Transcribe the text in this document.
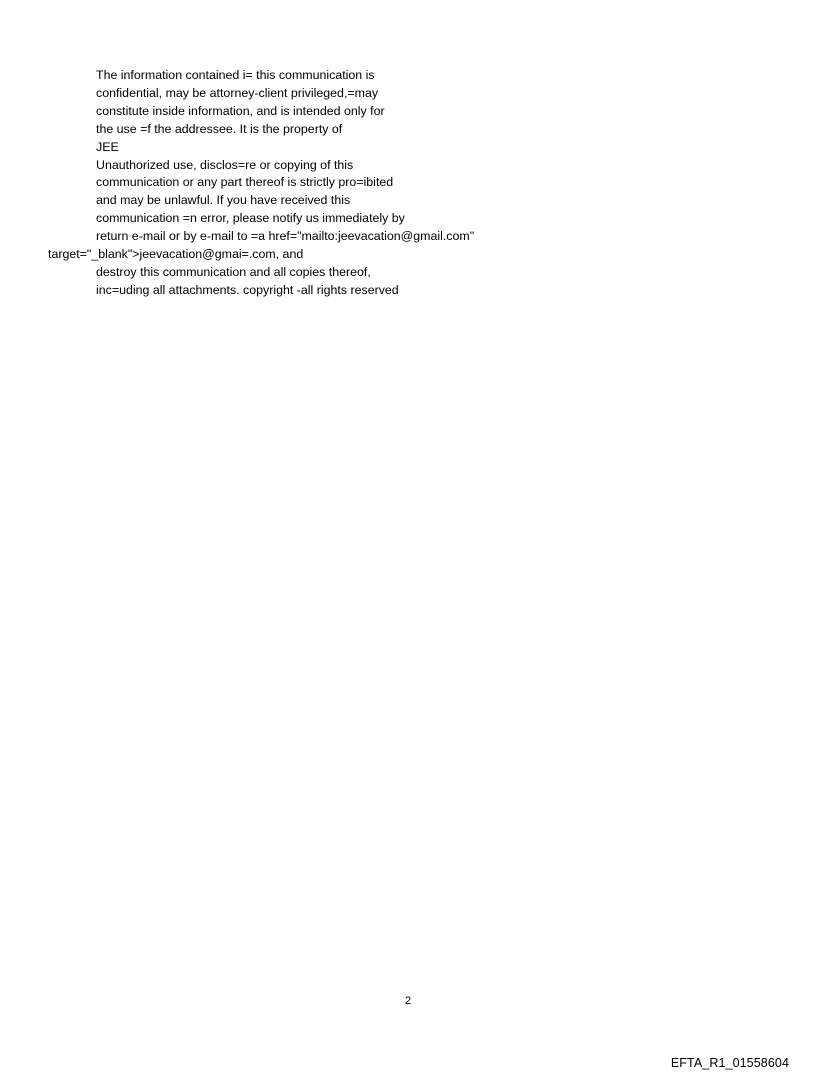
The information contained i= this communication is

confidential, may be attorney-client privileged,=may

constitute inside information, and is intended only for

the use =f the addressee. It is the property of

JEE

Unauthorized use, disclos=re or copying of this

communication or any part thereof is strictly pro=ibited

and may be unlawful. If you have received this

communication =n error, please notify us immediately by

return e-mail or by e-mail to =a href="mailto:jeevacation@gmail.com"

target="_blank">jeevacation@gmai=.com, and

destroy this communication and all copies thereof,

inc=uding all attachments. copyright -all rights reserved

2
EFTA_R1_01558604
